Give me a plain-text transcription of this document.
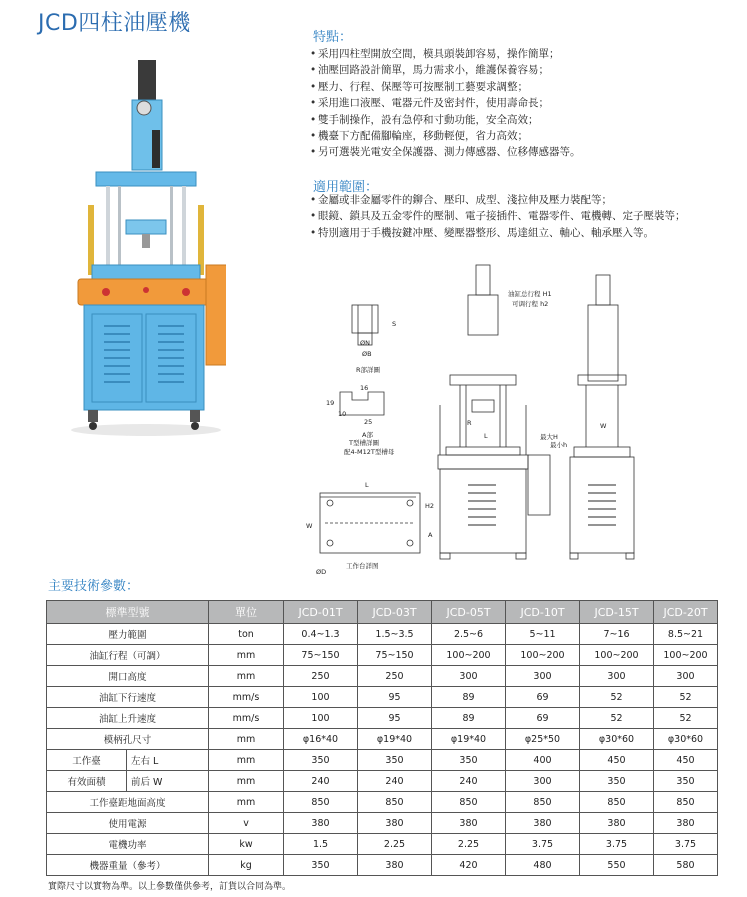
JCD四柱油壓機
特點：
• 采用四柱型開放空間，模具頭裝卸容易，操作簡單；
• 油壓回路設計簡單，馬力需求小，維護保養容易；
• 壓力、行程、保壓等可按壓制工藝要求調整；
• 采用進口液壓、電器元件及密封件，使用壽命長；
• 雙手制操作，設有急停和寸動功能，安全高效；
• 機臺下方配備腳輪座，移動輕便，省力高效；
• 另可選裝光電安全保護器、測力傳感器、位移傳感器等。
適用範圍：
• 金屬或非金屬零件的鉚合、壓印、成型、淺拉伸及壓力裝配等；
• 眼鏡、鎖具及五金零件的壓制、電子接插件、電器零件、電機轉、定子壓裝等；
• 特別適用于手機按鍵冲壓、變壓器整形、馬達組立、軸心、軸承壓入等。
R部詳圖
S
ØN
ØB
16
19
10
25
A部
T型槽詳圖
配4-M12T型槽母
油缸总行程 H1
可调行程 h2
R
L
W
最大H
最小h
L
W
H2
A
ØD
工作台詳图
主要技術參數：
標準型號		單位	JCD-01T	JCD-03T	JCD-05T	JCD-10T	JCD-15T	JCD-20T
壓力範圍		ton	0.4~1.3	1.5~3.5	2.5~6	5~11	7~16	8.5~21
油缸行程（可調）		mm	75~150	75~150	100~200	100~200	100~200	100~200
開口高度		mm	250	250	300	300	300	300
油缸下行速度		mm/s	100	95	89	69	52	52
油缸上升速度		mm/s	100	95	89	69	52	52
模柄孔尺寸		mm	φ16*40	φ19*40	φ19*40	φ25*50	φ30*60	φ30*60
工作臺	左右 L	mm	350	350	350	400	450	450
有效面積	前后 W	mm	240	240	240	300	350	350
工作臺距地面高度		mm	850	850	850	850	850	850
使用電源		v	380	380	380	380	380	380
電機功率		kw	1.5	2.25	2.25	3.75	3.75	3.75
機器重量（參考）		kg	350	380	420	480	550	580
實際尺寸以實物為準。以上參數僅供參考，訂貨以合同為準。
